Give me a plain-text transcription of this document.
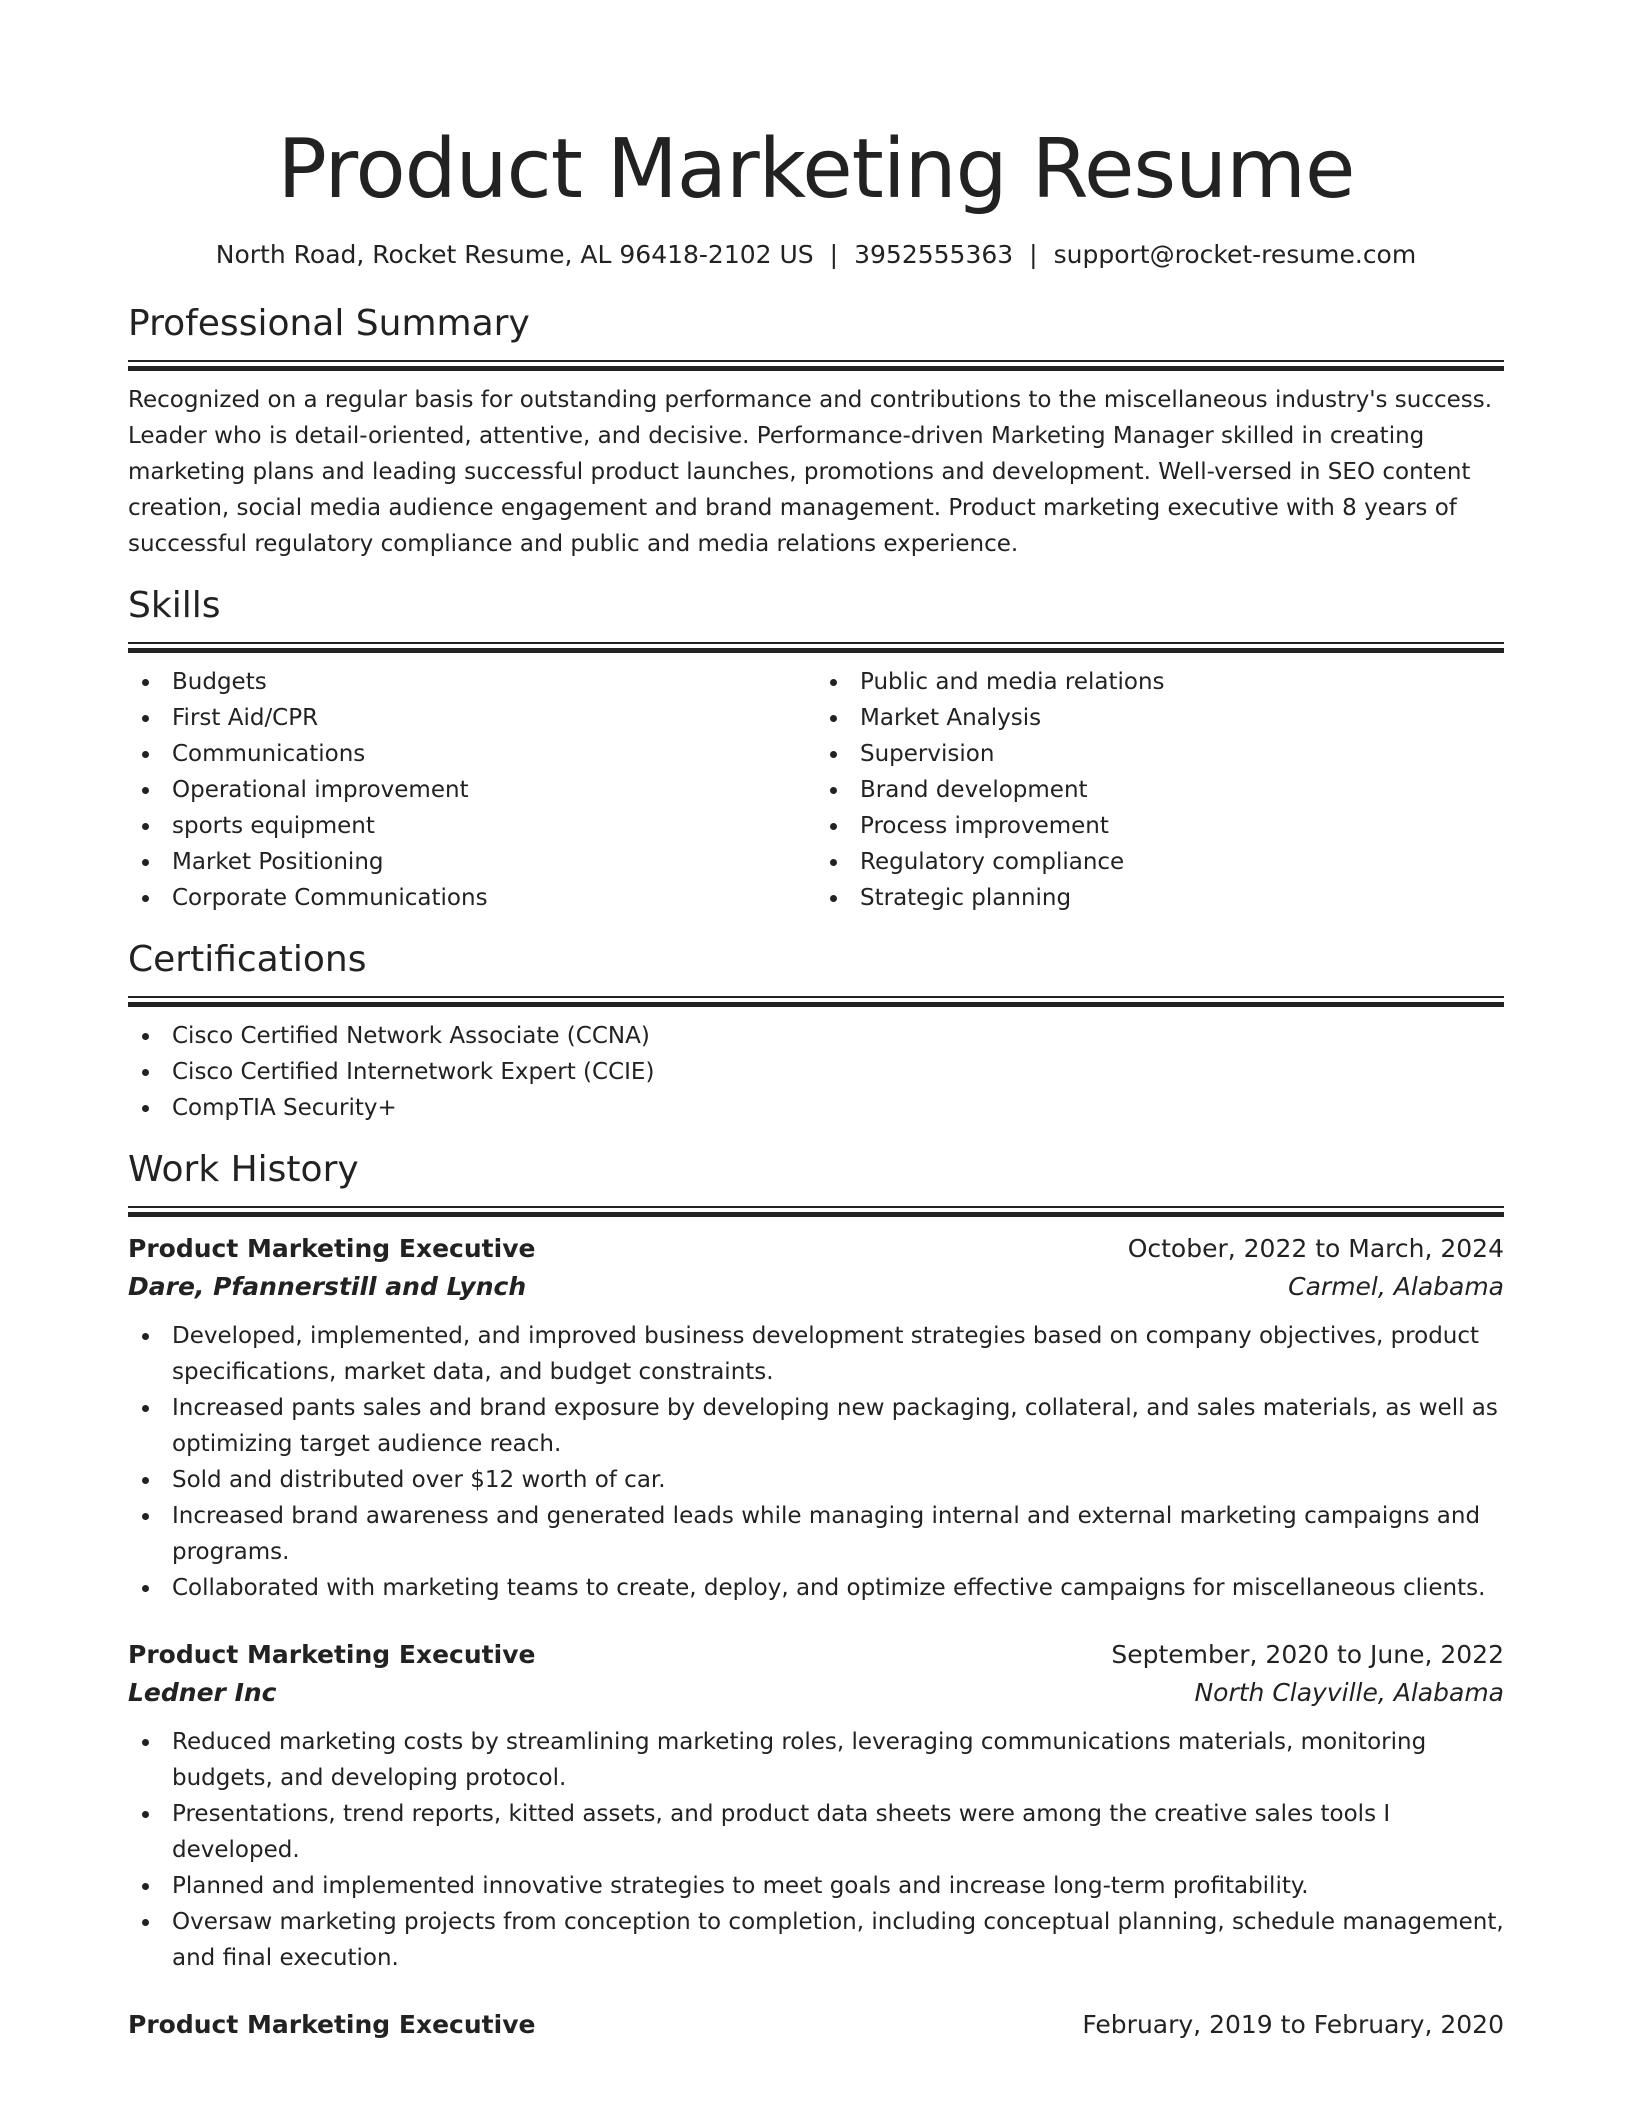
Product Marketing Resume
North Road, Rocket Resume, AL 96418-2102 US | 3952555363 | support@rocket-resume.com
Professional Summary

Recognized on a regular basis for outstanding performance and contributions to the miscellaneous industry's success. Leader who is detail-oriented, attentive, and decisive. Performance-driven Marketing Manager skilled in creating marketing plans and leading successful product launches, promotions and development. Well-versed in SEO content creation, social media audience engagement and brand management. Product marketing executive with 8 years of successful regulatory compliance and public and media relations experience.

Skills
Budgets
First Aid/CPR
Communications
Operational improvement
sports equipment
Market Positioning
Corporate Communications
Public and media relations
Market Analysis
Supervision
Brand development
Process improvement
Regulatory compliance
Strategic planning
Certifications
Cisco Certified Network Associate (CCNA)
Cisco Certified Internetwork Expert (CCIE)
CompTIA Security+
Work History
Product Marketing Executive	October, 2022 to March, 2024
Dare, Pfannerstill and Lynch	Carmel, Alabama
Developed, implemented, and improved business development strategies based on company objectives, product specifications, market data, and budget constraints.
Increased pants sales and brand exposure by developing new packaging, collateral, and sales materials, as well as optimizing target audience reach.
Sold and distributed over $12 worth of car.
Increased brand awareness and generated leads while managing internal and external marketing campaigns and programs.
Collaborated with marketing teams to create, deploy, and optimize effective campaigns for miscellaneous clients.
Product Marketing Executive	September, 2020 to June, 2022
Ledner Inc	North Clayville, Alabama
Reduced marketing costs by streamlining marketing roles, leveraging communications materials, monitoring budgets, and developing protocol.
Presentations, trend reports, kitted assets, and product data sheets were among the creative sales tools I developed.
Planned and implemented innovative strategies to meet goals and increase long-term profitability.
Oversaw marketing projects from conception to completion, including conceptual planning, schedule management, and final execution.
Product Marketing Executive	February, 2019 to February, 2020
